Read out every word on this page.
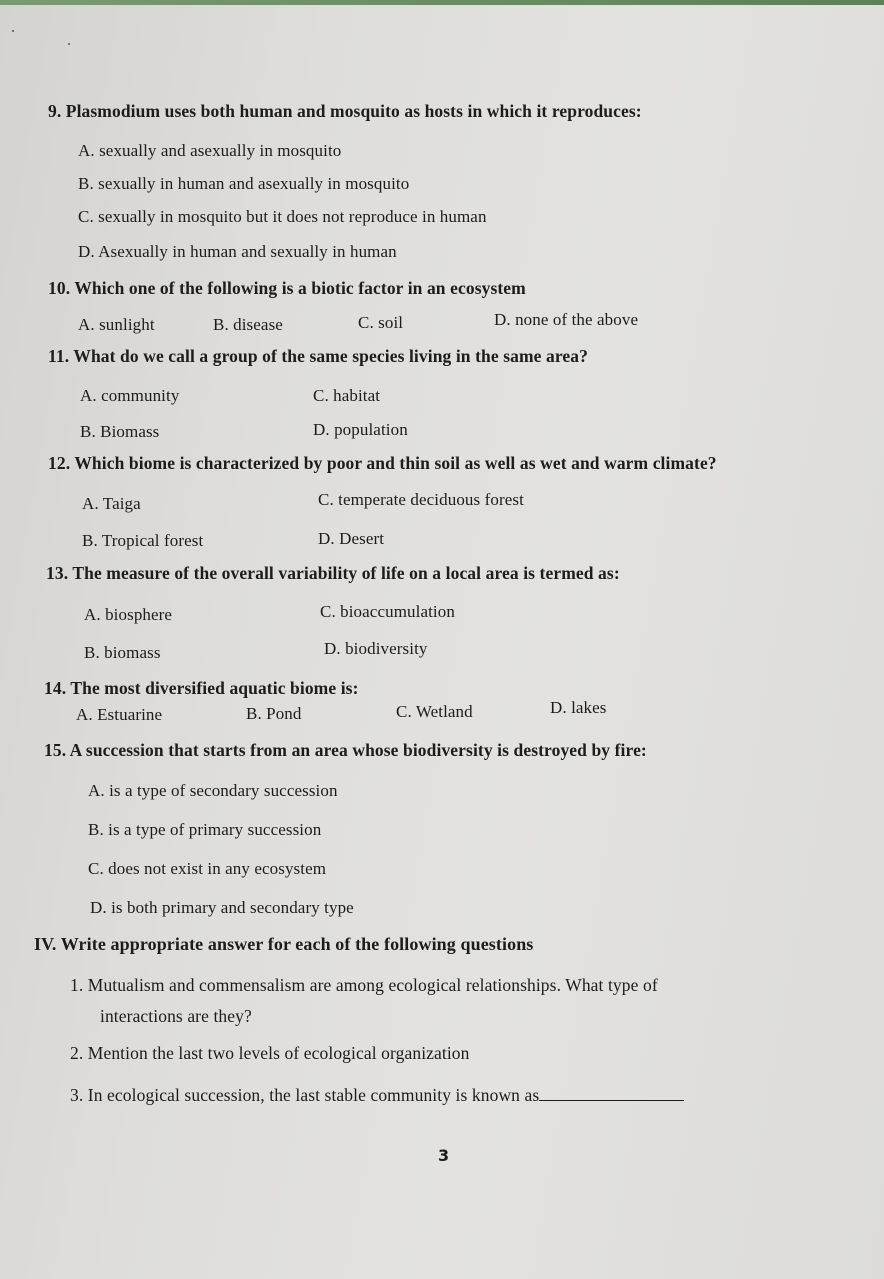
9. Plasmodium uses both human and mosquito as hosts in which it reproduces:
A. sexually and asexually in mosquito
B. sexually in human and asexually in mosquito
C. sexually in mosquito but it does not reproduce in human
D. Asexually in human and sexually in human
10. Which one of the following is a biotic factor in an ecosystem
A. sunlight	B. disease	C. soil	D. none of the above
11. What do we call a group of the same species living in the same area?
A. community	C. habitat
B. Biomass	D. population
12. Which biome is characterized by poor and thin soil as well as wet and warm climate?
A. Taiga	C. temperate deciduous forest
B. Tropical forest	D. Desert
13. The measure of the overall variability of life on a local area is termed as:
A. biosphere	C. bioaccumulation
B. biomass	D. biodiversity
14. The most diversified aquatic biome is:
A. Estuarine	B. Pond	C. Wetland	D. lakes
15. A succession that starts from an area whose biodiversity is destroyed by fire:
A. is a type of secondary succession
B. is a type of primary succession
C. does not exist in any ecosystem
D. is both primary and secondary type
IV. Write appropriate answer for each of the following questions
1. Mutualism and commensalism are among ecological relationships. What type of
interactions are they?
2. Mention the last two levels of ecological organization
3. In ecological succession, the last stable community is known as
3
